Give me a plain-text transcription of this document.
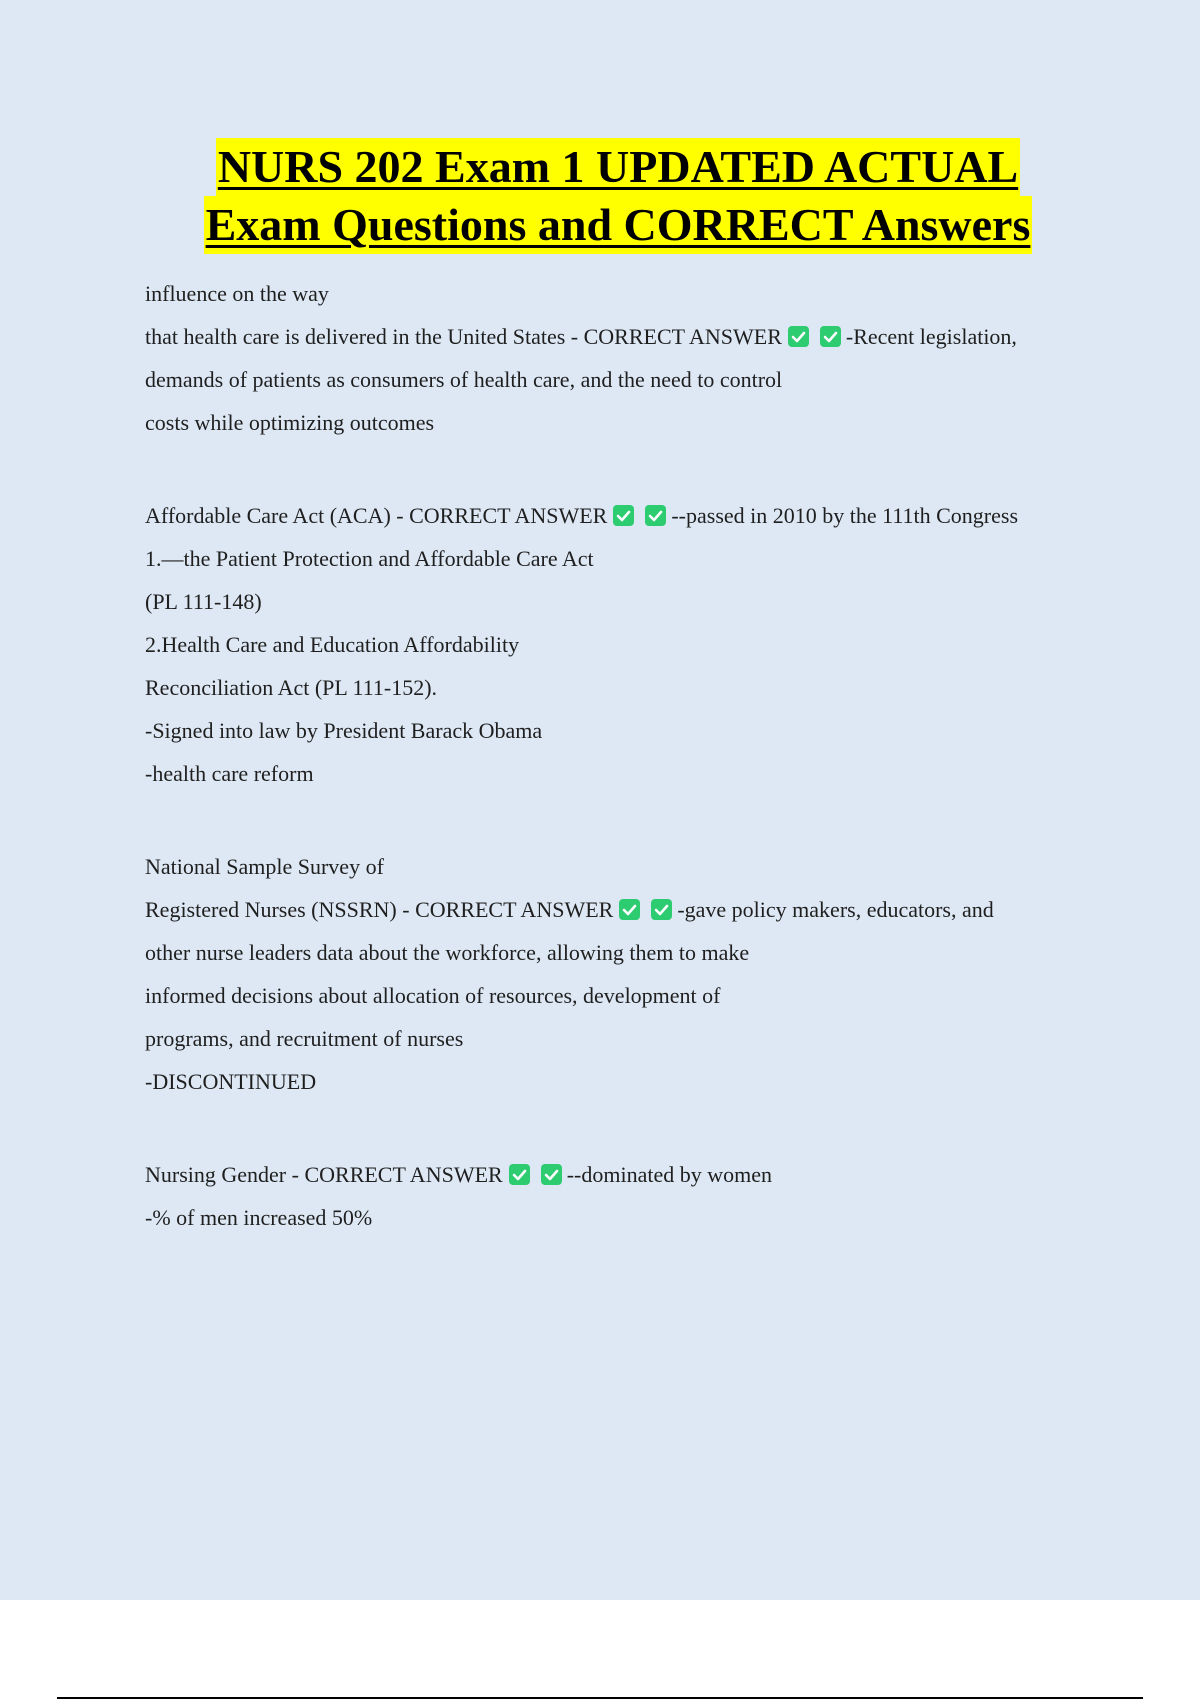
NURS 202 Exam 1 UPDATED ACTUAL
Exam Questions and CORRECT Answers

influence on the way

that health care is delivered in the United States - CORRECT ANSWER	-Recent legislation,

demands of patients as consumers of health care, and the need to control

costs while optimizing outcomes

Affordable Care Act (ACA) - CORRECT ANSWER	--passed in 2010 by the 111th Congress

1.—the Patient Protection and Affordable Care Act

(PL 111-148)

2.Health Care and Education Affordability

Reconciliation Act (PL 111-152).

-Signed into law by President Barack Obama

-health care reform

National Sample Survey of

Registered Nurses (NSSRN) - CORRECT ANSWER	-gave policy makers, educators, and

other nurse leaders data about the workforce, allowing them to make

informed decisions about allocation of resources, development of

programs, and recruitment of nurses

-DISCONTINUED

Nursing Gender - CORRECT ANSWER	--dominated by women

-% of men increased 50%
